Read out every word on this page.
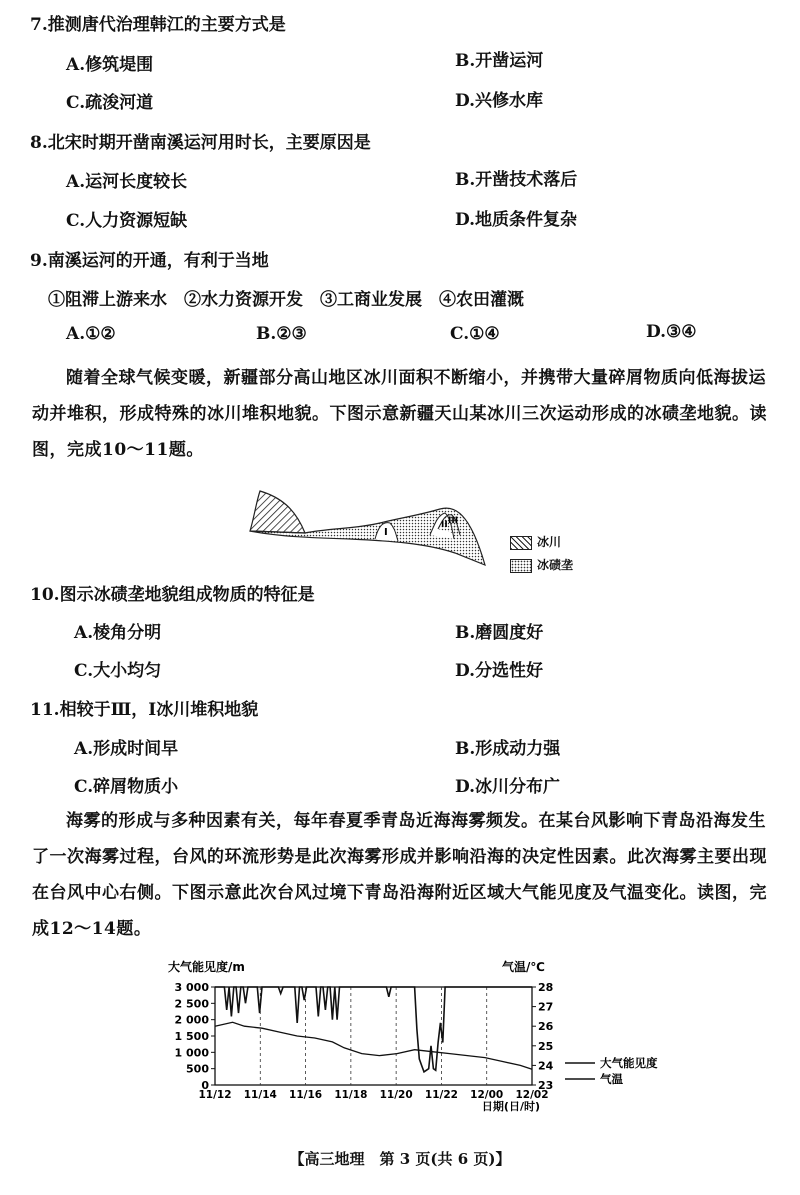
7.推测唐代治理韩江的主要方式是
A.修筑堤围	B.开凿运河
C.疏浚河道	D.兴修水库
8.北宋时期开凿南溪运河用时长，主要原因是
A.运河长度较长	B.开凿技术落后
C.人力资源短缺	D.地质条件复杂
9.南溪运河的开通，有利于当地
①阻滞上游来水　②水力资源开发　③工商业发展　④农田灌溉
A.①②	B.②③	C.①④	D.③④

随着全球气候变暖，新疆部分高山地区冰川面积不断缩小，并携带大量碎屑物质向低海拔运动并堆积，形成特殊的冰川堆积地貌。下图示意新疆天山某冰川三次运动形成的冰碛垄地貌。读图，完成10～11题。

I
II III
冰川
冰碛垄
10.图示冰碛垄地貌组成物质的特征是
A.棱角分明	B.磨圆度好
C.大小均匀	D.分选性好
11.相较于Ⅲ，Ⅰ冰川堆积地貌
A.形成时间早	B.形成动力强
C.碎屑物质小	D.冰川分布广

海雾的形成与多种因素有关，每年春夏季青岛近海海雾频发。在某台风影响下青岛沿海发生了一次海雾过程，台风的环流形势是此次海雾形成并影响沿海的决定性因素。此次海雾主要出现在台风中心右侧。下图示意此次台风过境下青岛沿海附近区域大气能见度及气温变化。读图，完成12～14题。

大气能见度/m	气温/℃
0
500
1 000
1 500
2 000
2 500
3 000
23
24
25
26
27
28
11/12 11/14 11/16 11/18 11/20 11/22 12/00 12/02
日期(日/时)
大气能见度
气温
【高三地理　第 3 页(共 6 页)】
